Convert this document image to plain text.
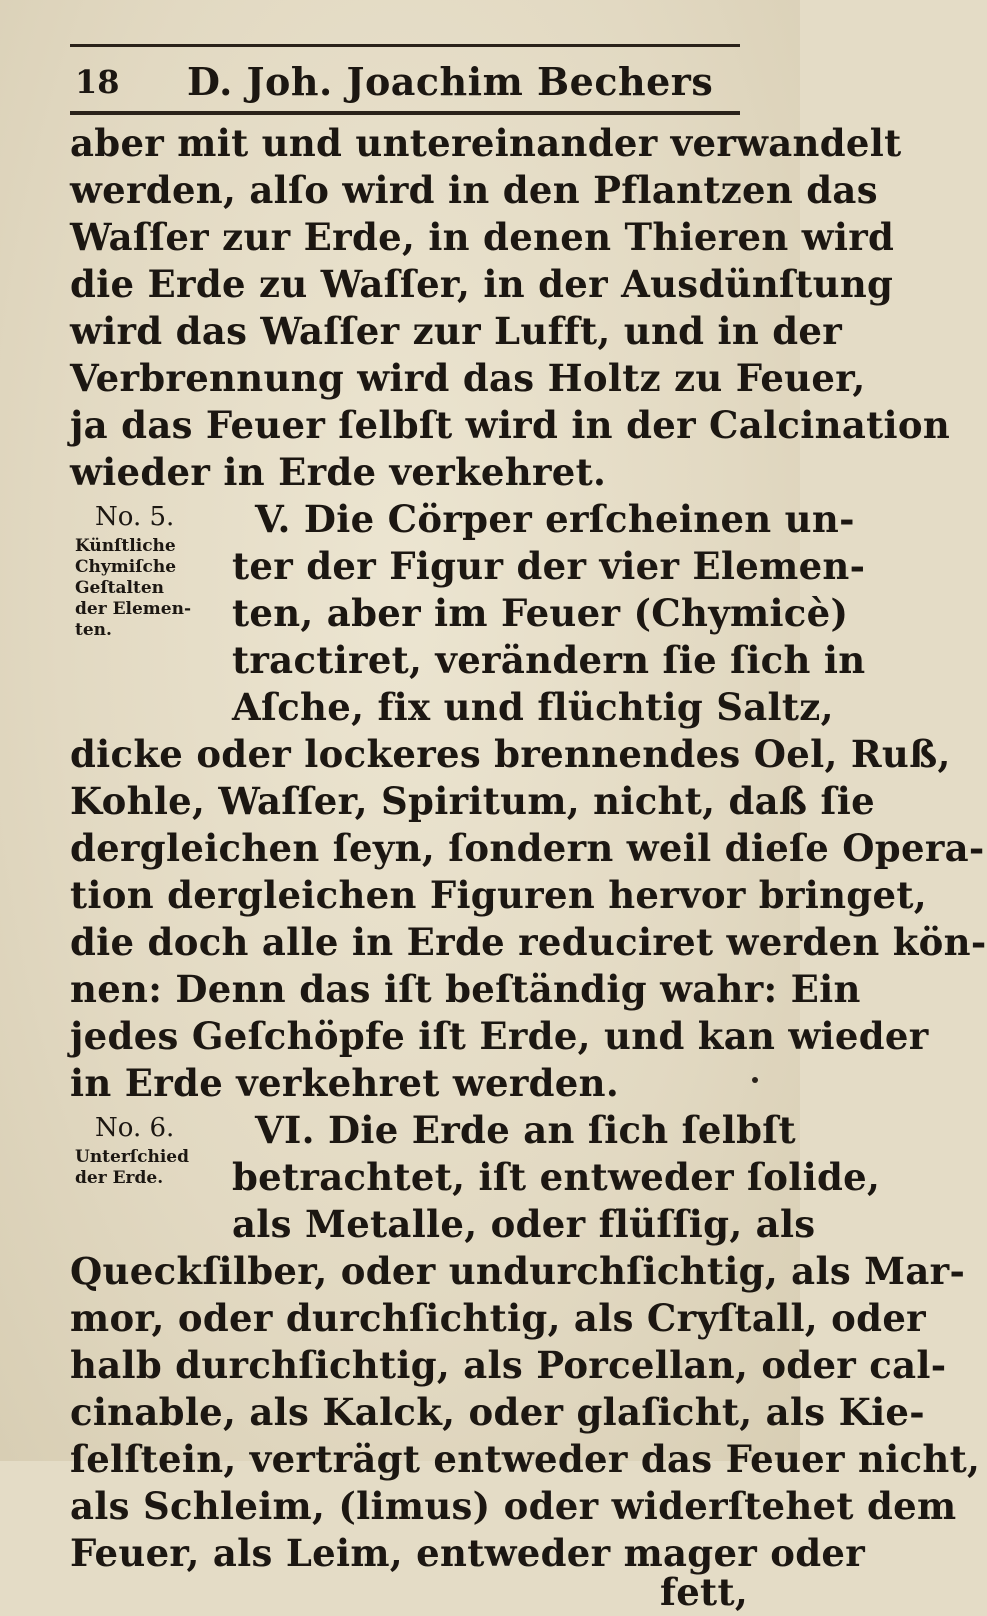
18 D. Joh. Joachim Bechers
aber mit und untereinander verwandelt
werden, alſo wird in den Pflantzen das
Waſſer zur Erde, in denen Thieren wird
die Erde zu Waſſer, in der Ausdünſtung
wird das Waſſer zur Lufft, und in der
Verbrennung wird das Holtz zu Feuer,
ja das Feuer ſelbſt wird in der Calcination
wieder in Erde verkehret.
V. Die Cörper erſcheinen un-
ter der Figur der vier Elemen-
ten, aber im Feuer (Chymicè)
tractiret, verändern ſie ſich in
Aſche, fix und flüchtig Saltz,
dicke oder lockeres brennendes Oel, Ruß,
Kohle, Waſſer, Spiritum, nicht, daß ſie
dergleichen ſeyn, ſondern weil dieſe Opera-
tion dergleichen Figuren hervor bringet,
die doch alle in Erde reduciret werden kön-
nen: Denn das iſt beſtändig wahr: Ein
jedes Geſchöpfe iſt Erde, und kan wieder
in Erde verkehret werden.
No. 5.
Künſtliche
Chymiſche
Geſtalten
der Elemen-
ten.
VI. Die Erde an ſich ſelbſt
betrachtet, iſt entweder ſolide,
als Metalle, oder flüſſig, als
Queckſilber, oder undurchſichtig, als Mar-
mor, oder durchſichtig, als Cryſtall, oder
halb durchſichtig, als Porcellan, oder cal-
cinable, als Kalck, oder glaſicht, als Kie-
ſelſtein, verträgt entweder das Feuer nicht,
als Schleim, (limus) oder widerſtehet dem
Feuer, als Leim, entweder mager oder
No. 6.
Unterſchied
der Erde.
fett,
